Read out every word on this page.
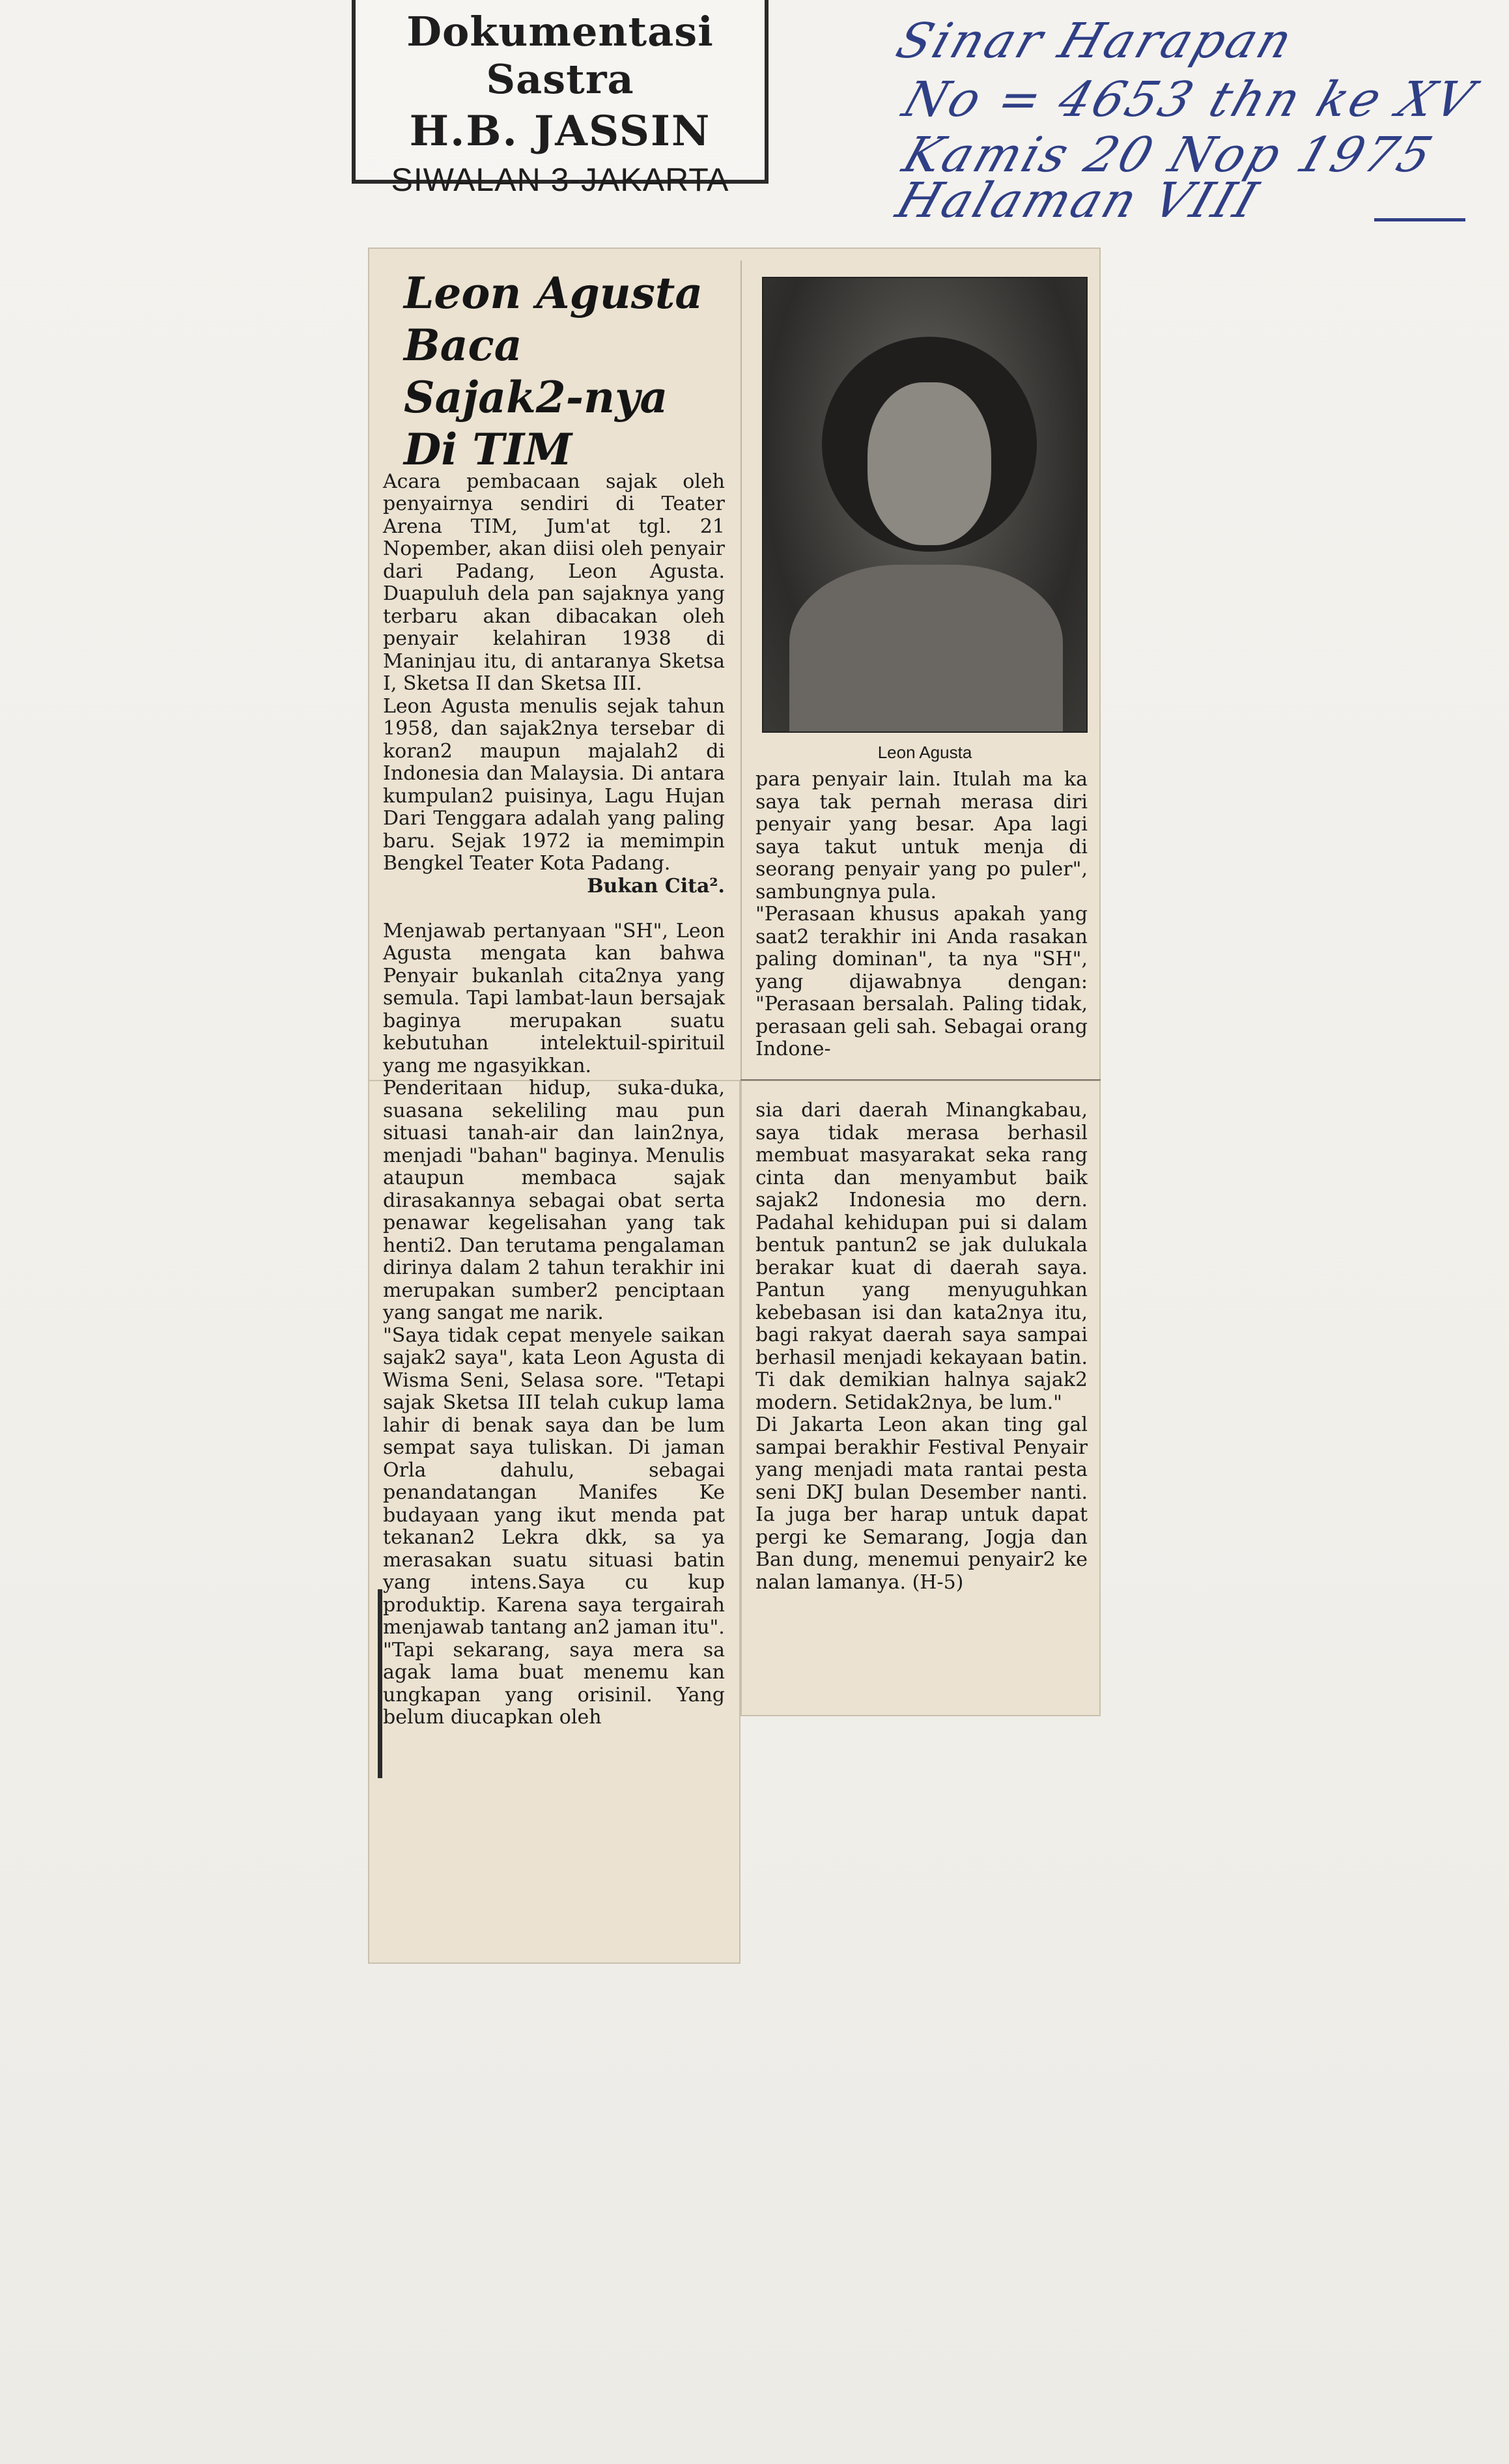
Dokumentasi Sastra
H.B. JASSIN
SIWALAN 3-JAKARTA
Sinar Harapan
No = 4653 thn ke XV
Kamis 20 Nop 1975
Halaman VIII
Leon Agusta Baca Sajak2-nya Di TIM
Leon Agusta

Acara pembacaan sajak oleh penyairnya sendiri di Teater Arena TIM, Jum'at tgl. 21 Nopember, akan diisi oleh penyair dari Padang, Leon Agusta. Duapuluh dela pan sajaknya yang terbaru akan dibacakan oleh penyair kelahiran 1938 di Maninjau itu, di antaranya Sketsa I, Sketsa II dan Sketsa III.
Leon Agusta menulis sejak tahun 1958, dan sajak2nya tersebar di koran2 maupun majalah2 di Indonesia dan Malaysia. Di antara kumpulan2 puisinya, Lagu Hujan Dari Tenggara adalah yang paling baru. Sejak 1972 ia memimpin Bengkel Teater Kota Padang.

Bukan Cita².

Menjawab pertanyaan "SH", Leon Agusta mengata kan bahwa Penyair bukanlah cita2nya yang semula. Tapi lambat-laun bersajak baginya merupakan suatu kebutuhan intelektuil-spirituil yang me ngasyikkan.
Penderitaan hidup, suka-duka, suasana sekeliling mau pun situasi tanah-air dan lain2nya, menjadi "bahan" baginya. Menulis ataupun membaca sajak dirasakannya sebagai obat serta penawar kegelisahan yang tak henti2. Dan terutama pengalaman dirinya dalam 2 tahun terakhir ini merupakan sumber2 penciptaan yang sangat me narik.
"Saya tidak cepat menyele saikan sajak2 saya", kata Leon Agusta di Wisma Seni, Selasa sore. "Tetapi sajak Sketsa III telah cukup lama lahir di benak saya dan be lum sempat saya tuliskan. Di jaman Orla dahulu, sebagai penandatangan Manifes Ke budayaan yang ikut menda pat tekanan2 Lekra dkk, sa ya merasakan suatu situasi batin yang intens.Saya cu kup produktip. Karena saya tergairah menjawab tantang an2 jaman itu".
"Tapi sekarang, saya mera sa agak lama buat menemu kan ungkapan yang orisinil. Yang belum diucapkan oleh

para penyair lain. Itulah ma ka saya tak pernah merasa diri penyair yang besar. Apa lagi saya takut untuk menja di seorang penyair yang po puler", sambungnya pula.
"Perasaan khusus apakah yang saat2 terakhir ini Anda rasakan paling dominan", ta nya "SH", yang dijawabnya dengan: "Perasaan bersalah. Paling tidak, perasaan geli sah. Sebagai orang Indone-
sia dari daerah Minangkabau, saya tidak merasa berhasil membuat masyarakat seka rang cinta dan menyambut baik sajak2 Indonesia mo dern. Padahal kehidupan pui si dalam bentuk pantun2 se jak dulukala berakar kuat di daerah saya. Pantun yang menyuguhkan kebebasan isi dan kata2nya itu, bagi rakyat daerah saya sampai berhasil menjadi kekayaan batin. Ti dak demikian halnya sajak2 modern. Setidak2nya, be lum."
Di Jakarta Leon akan ting gal sampai berakhir Festival Penyair yang menjadi mata rantai pesta seni DKJ bulan Desember nanti. Ia juga ber harap untuk dapat pergi ke Semarang, Jogja dan Ban dung, menemui penyair2 ke nalan lamanya. (H-5)
